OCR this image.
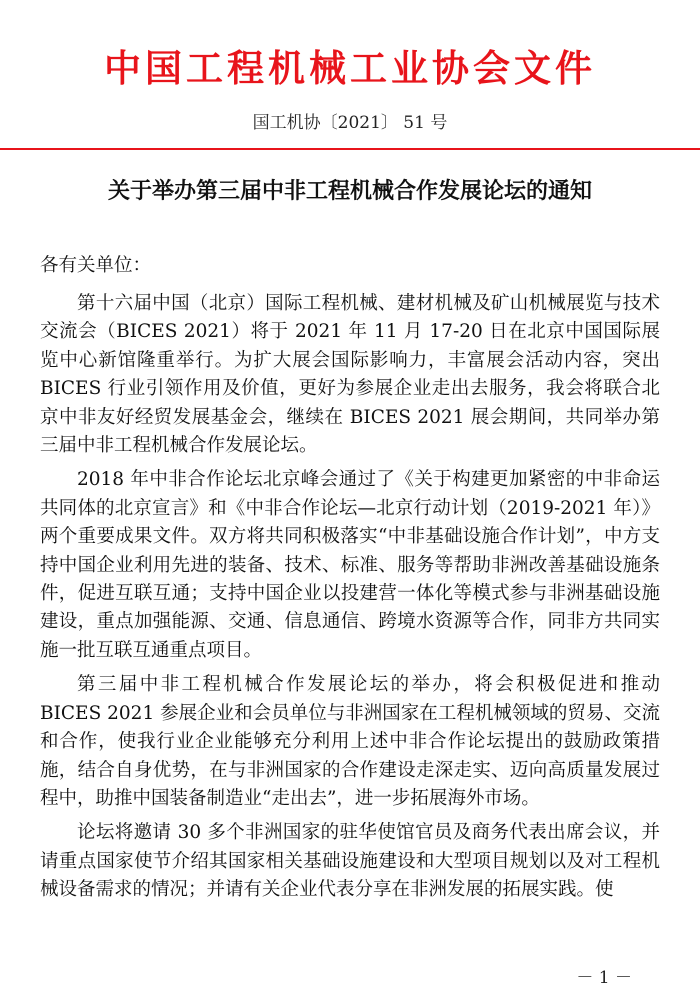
中国工程机械工业协会文件
国工机协〔2021〕 51 号
关于举办第三届中非工程机械合作发展论坛的通知
各有关单位：

第十六届中国（北京）国际工程机械、建材机械及矿山机械展览与技术交流会（BICES 2021）将于 2021 年 11 月 17-20 日在北京中国国际展览中心新馆隆重举行。为扩大展会国际影响力，丰富展会活动内容，突出 BICES 行业引领作用及价值，更好为参展企业走出去服务，我会将联合北京中非友好经贸发展基金会，继续在 BICES 2021 展会期间，共同举办第三届中非工程机械合作发展论坛。

2018 年中非合作论坛北京峰会通过了《关于构建更加紧密的中非命运共同体的北京宣言》和《中非合作论坛—北京行动计划（2019-2021 年）》两个重要成果文件。双方将共同积极落实“中非基础设施合作计划”，中方支持中国企业利用先进的装备、技术、标准、服务等帮助非洲改善基础设施条件，促进互联互通；支持中国企业以投建营一体化等模式参与非洲基础设施建设，重点加强能源、交通、信息通信、跨境水资源等合作，同非方共同实施一批互联互通重点项目。

第三届中非工程机械合作发展论坛的举办，将会积极促进和推动 BICES 2021 参展企业和会员单位与非洲国家在工程机械领域的贸易、交流和合作，使我行业企业能够充分利用上述中非合作论坛提出的鼓励政策措施，结合自身优势，在与非洲国家的合作建设走深走实、迈向高质量发展过程中，助推中国装备制造业“走出去”，进一步拓展海外市场。

论坛将邀请 30 多个非洲国家的驻华使馆官员及商务代表出席会议，并请重点国家使节介绍其国家相关基础设施建设和大型项目规划以及对工程机械设备需求的情况；并请有关企业代表分享在非洲发展的拓展实践。使

－ 1 －
